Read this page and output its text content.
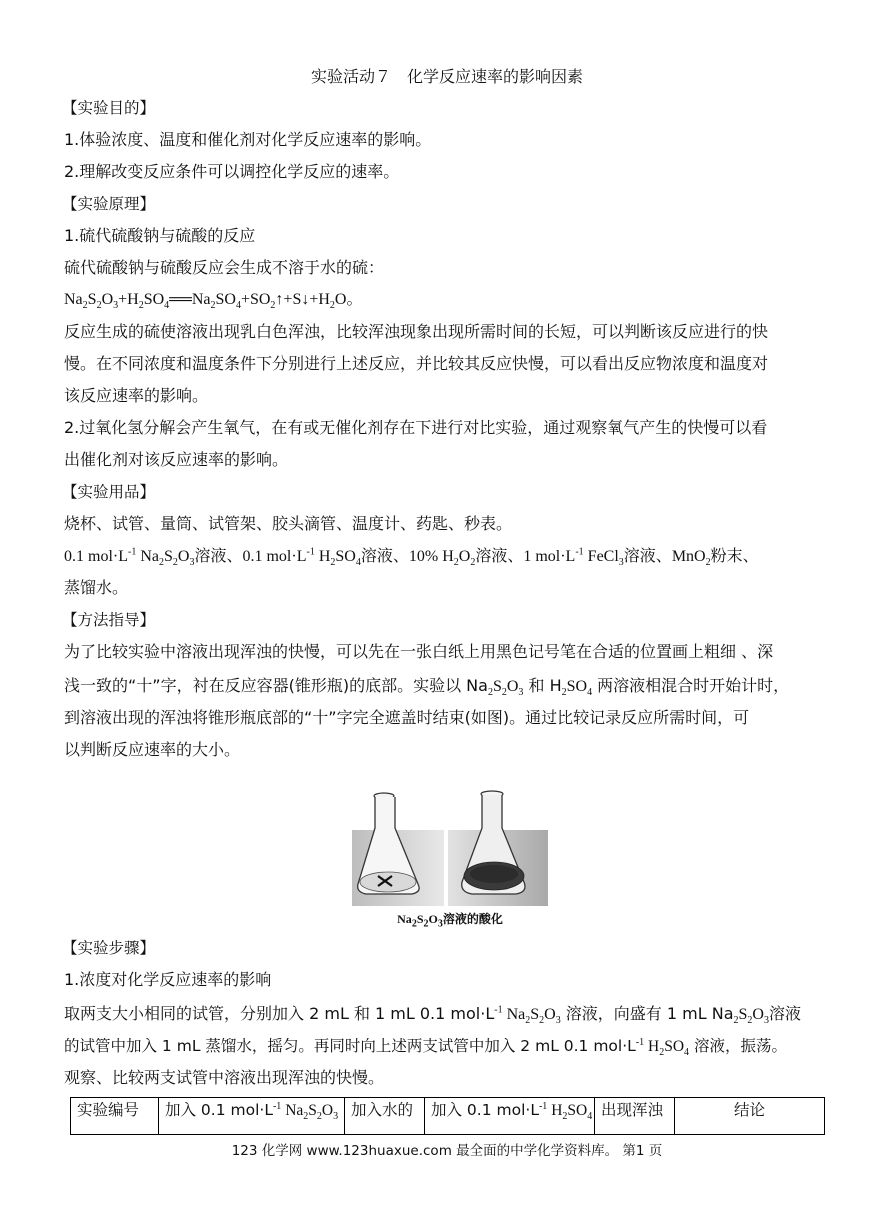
实验活动７　化学反应速率的影响因素
【实验目的】
1.体验浓度、温度和催化剂对化学反应速率的影响。
2.理解改变反应条件可以调控化学反应的速率。
【实验原理】
1.硫代硫酸钠与硫酸的反应
硫代硫酸钠与硫酸反应会生成不溶于水的硫：
$Na_2S_2O_3+H_2SO_4══Na_2SO_4+SO_2↑+S↓+H_2O$。
反应生成的硫使溶液出现乳白色浑浊，比较浑浊现象出现所需时间的长短，可以判断该反应进行的快
慢。在不同浓度和温度条件下分别进行上述反应，并比较其反应快慢，可以看出反应物浓度和温度对
该反应速率的影响。
2.过氧化氢分解会产生氧气，在有或无催化剂存在下进行对比实验，通过观察氧气产生的快慢可以看
出催化剂对该反应速率的影响。
【实验用品】
烧杯、试管、量筒、试管架、胶头滴管、温度计、药匙、秒表。
0.1 $mol\cdot L^{-1}$ $Na_2S_2O_3$溶液、0.1 $mol\cdot L^{-1}$ $H_2SO_4$溶液、10% $H_2O_2$溶液、1 $mol\cdot L^{-1}$ FeCl$_3$溶液、MnO$_2$粉末、
蒸馏水。
【方法指导】
为了比较实验中溶液出现浑浊的快慢，可以先在一张白纸上用黑色记号笔在合适的位置画上粗细 、深
浅一致的“十”字，衬在反应容器(锥形瓶)的底部。实验以 $Na_2S_2O_3$ 和 $H_2SO_4$ 两溶液相混合时开始计时，
到溶液出现的浑浊将锥形瓶底部的“十”字完全遮盖时结束(如图)。通过比较记录反应所需时间，可
以判断反应速率的大小。
$Na_2S_2O_3$溶液的酸化
【实验步骤】
1.浓度对化学反应速率的影响
取两支大小相同的试管，分别加入 2 mL 和 1 mL 0.1 $mol\cdot L^{-1}$ $Na_2S_2O_3$ 溶液，向盛有 1 mL $Na_2S_2O_3$溶液
的试管中加入 1 mL 蒸馏水，摇匀。再同时向上述两支试管中加入 2 mL 0.1 $mol\cdot L^{-1}$ $H_2SO_4$ 溶液，振荡。
观察、比较两支试管中溶液出现浑浊的快慢。
实验编号	加入 0.1 $mol\cdot L^{-1}$ $Na_2S_2O_3$	加入水的	加入 0.1 $mol\cdot L^{-1}$ $H_2SO_4$	出现浑浊	结论
123 化学网 www.123huaxue.com 最全面的中学化学资料库。 第1 页
